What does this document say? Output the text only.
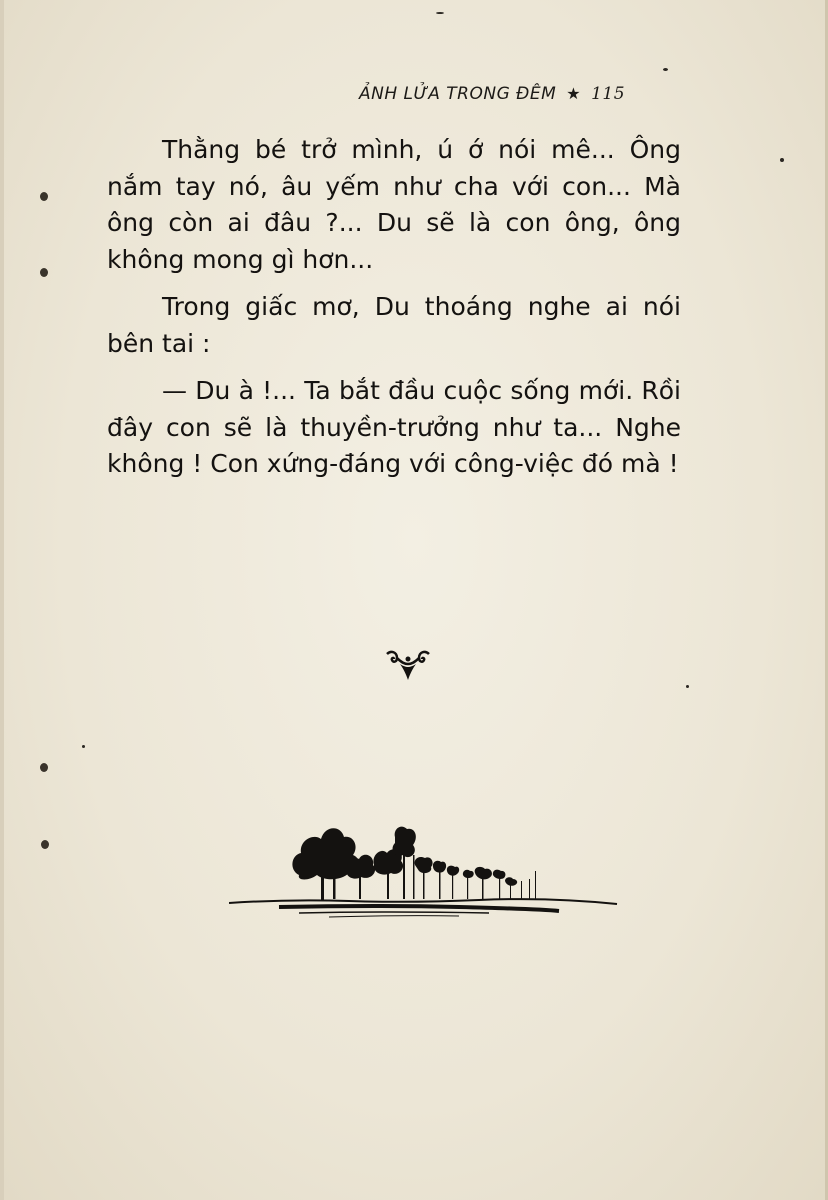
ẢNH LỬA TRONG ĐÊM ★ 115

Thằng bé trở mình, ú ớ nói mê... Ông nắm tay nó, âu yếm như cha với con... Mà ông còn ai đâu ?... Du sẽ là con ông, ông không mong gì hơn...

Trong giấc mơ, Du thoáng nghe ai nói bên tai :

— Du à !... Ta bắt đầu cuộc sống mới. Rồi đây con sẽ là thuyền-trưởng như ta... Nghe không ! Con xứng-đáng với công-việc đó mà !
